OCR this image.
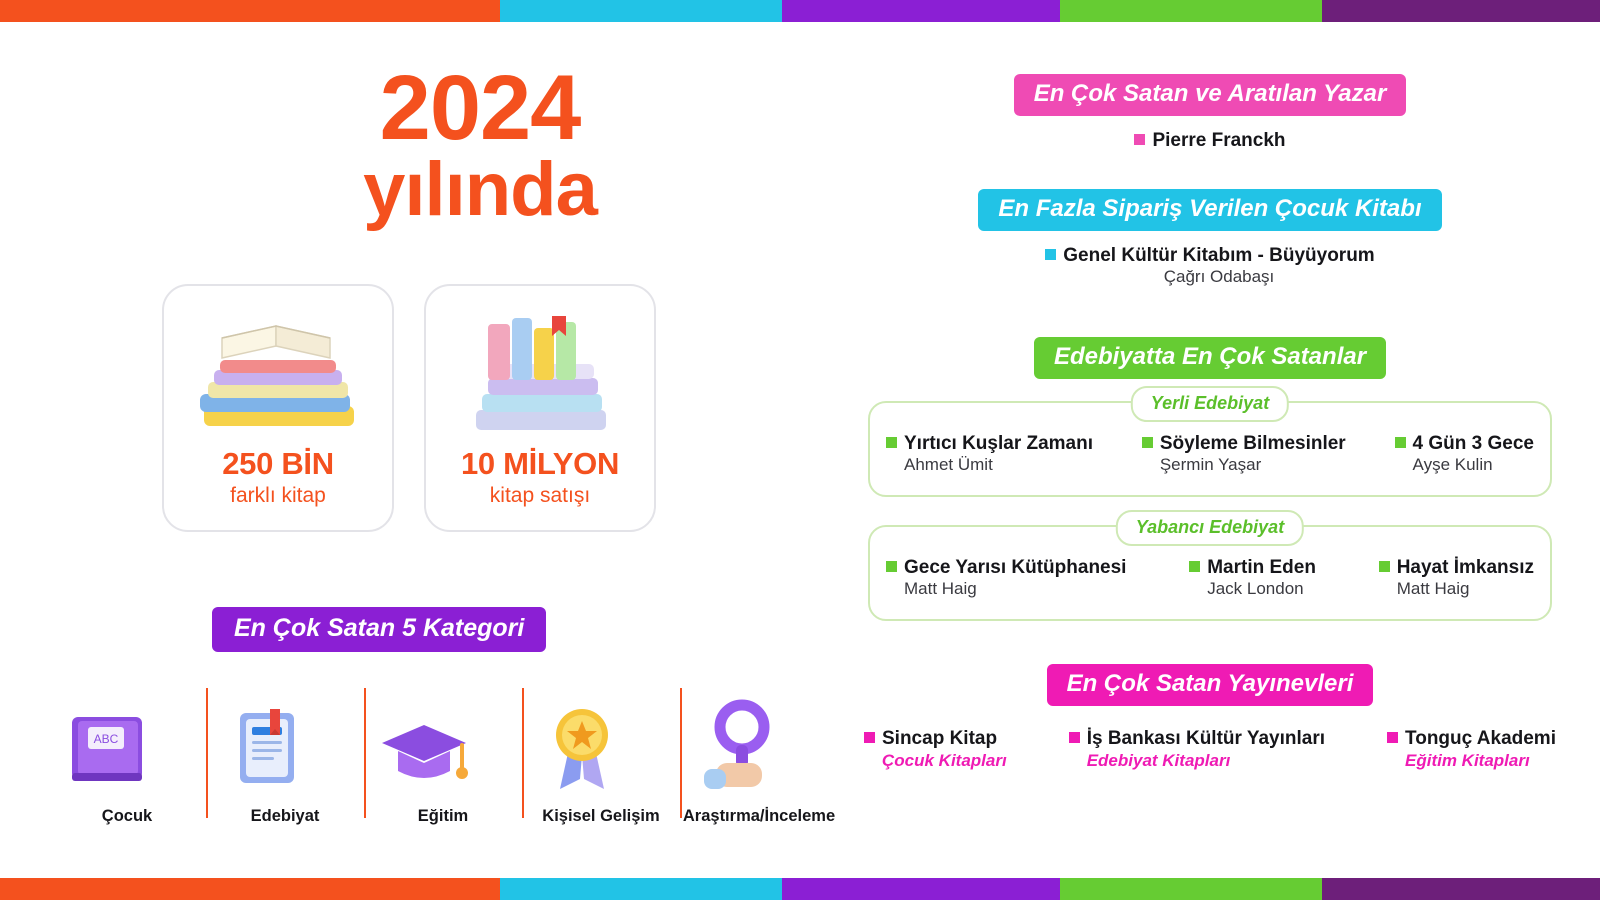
2024
yılında
250 BİN
farklı kitap
10 MİLYON
kitap satışı
En Çok Satan 5 Kategori
ABC
Çocuk	Edebiyat	Eğitim	Kişisel Gelişim Araştırma/İnceleme
En Çok Satan ve Aratılan Yazar
Pierre Franckh
En Fazla Sipariş Verilen Çocuk Kitabı
Genel Kültür Kitabım - Büyüyorum
Çağrı Odabaşı
Edebiyatta En Çok Satanlar
Yerli Edebiyat
Yırtıcı Kuşlar Zamanı
Ahmet Ümit
Söyleme Bilmesinler
Şermin Yaşar
4 Gün 3 Gece
Ayşe Kulin
Yabancı Edebiyat
Gece Yarısı Kütüphanesi
Matt Haig
Martin Eden
Jack London
Hayat İmkansız
Matt Haig
En Çok Satan Yayınevleri
Sincap Kitap
Çocuk Kitapları
İş Bankası Kültür Yayınları
Edebiyat Kitapları
Tonguç Akademi
Eğitim Kitapları
